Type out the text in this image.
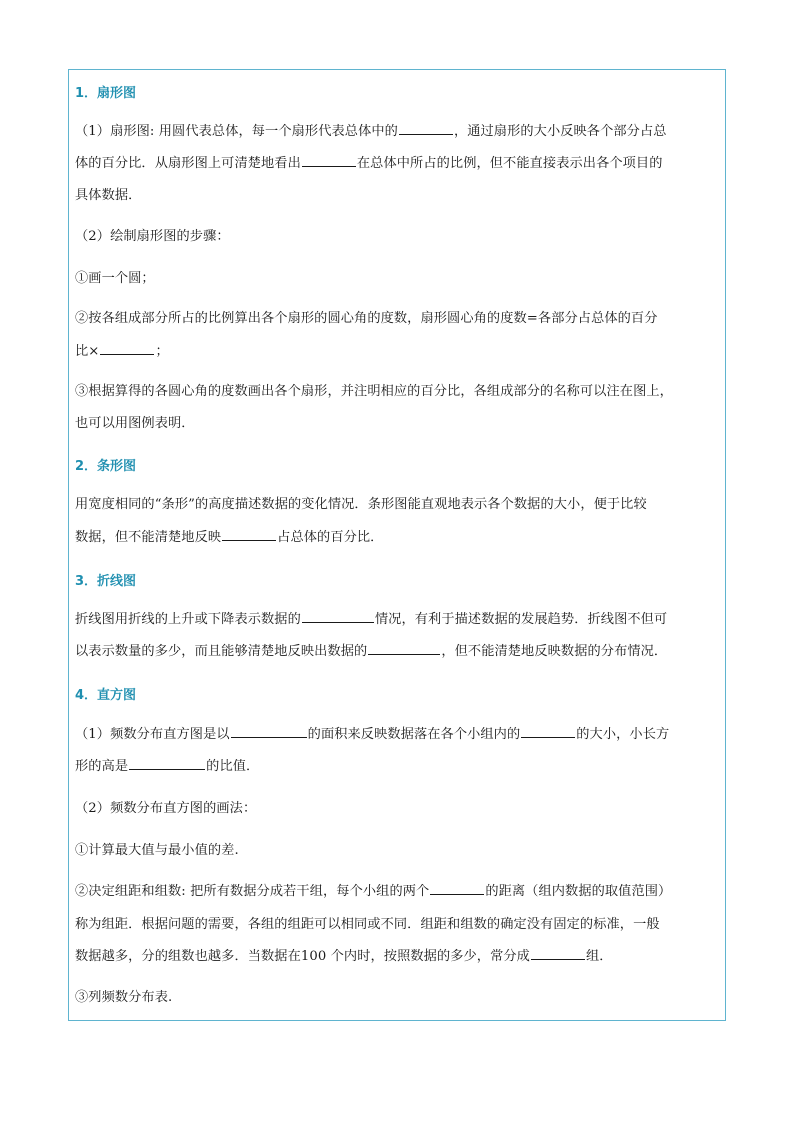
1．扇形图
（1）扇形图: 用圆代表总体，每一个扇形代表总体中的	，通过扇形的大小反映各个部分占总
体的百分比．从扇形图上可清楚地看出	在总体中所占的比例，但不能直接表示出各个项目的
具体数据．
（2）绘制扇形图的步骤：
①画一个圆；
②按各组成部分所占的比例算出各个扇形的圆心角的度数，扇形圆心角的度数=各部分占总体的百分
比×	；
③根据算得的各圆心角的度数画出各个扇形，并注明相应的百分比，各组成部分的名称可以注在图上，
也可以用图例表明．
2．条形图
用宽度相同的“条形”的高度描述数据的变化情况．条形图能直观地表示各个数据的大小，便于比较
数据，但不能清楚地反映	占总体的百分比．
3．折线图
折线图用折线的上升或下降表示数据的	情况，有利于描述数据的发展趋势．折线图不但可
以表示数量的多少，而且能够清楚地反映出数据的	，但不能清楚地反映数据的分布情况．
4．直方图
（1）频数分布直方图是以	的面积来反映数据落在各个小组内的	的大小，小长方
形的高是	的比值．
（2）频数分布直方图的画法：
①计算最大值与最小值的差.
②决定组距和组数: 把所有数据分成若干组，每个小组的两个	的距离（组内数据的取值范围）
称为组距．根据问题的需要，各组的组距可以相同或不同．组距和组数的确定没有固定的标准，一般
数据越多，分的组数也越多．当数据在100 个内时，按照数据的多少，常分成	组．
③列频数分布表.
